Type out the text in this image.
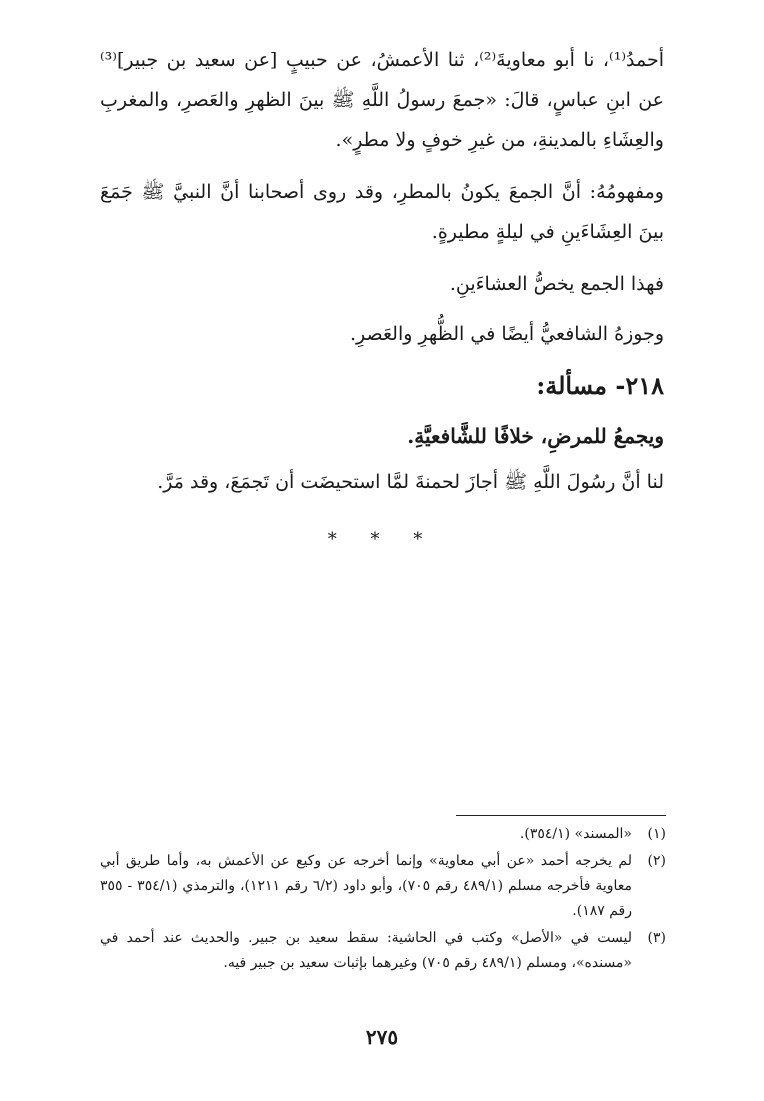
أحمدُ⁽¹⁾، نا أبو معاويةَ⁽²⁾، ثنا الأعمشُ، عن حبيبٍ [عن سعيد بن جبير]⁽³⁾ عن ابنِ عباسٍ، قالَ: «جمعَ رسولُ اللَّهِ ﷺ بينَ الظهرِ والعَصرِ، والمغربِ والعِشَاءِ بالمدينةِ، من غيرِ خوفٍ ولا مطرٍ».

ومفهومُهُ: أنَّ الجمعَ يكونُ بالمطرِ، وقد روى أصحابنا أنَّ النبيَّ ﷺ جَمَعَ بينَ العِشَاءَينِ في ليلةٍ مطيرةٍ.

فهذا الجمع يخصُّ العشاءَينِ.

وجوزهُ الشافعيُّ أيضًا في الظُّهرِ والعَصرِ.

٢١٨- مسألة:
ويجمعُ للمرضِ، خلافًا للشَّافعيَّةِ.

لنا أنَّ رسُولَ اللَّهِ ﷺ أجازَ لحمنةَ لمَّا استحيضَت أن تَجمَعَ، وقد مَرَّ.

* * *
(١)
«المسند» (٣٥٤/١).
(٢)
لم يخرجه أحمد «عن أبي معاوية» وإنما أخرجه عن وكيع عن الأعمش به، وأما طريق أبي معاوية فأخرجه مسلم (٤٨٩/١ رقم ٧٠٥)، وأبو داود (٦/٢ رقم ١٢١١)، والترمذي (٣٥٤/١ - ٣٥٥ رقم ١٨٧).
(٣)
ليست في «الأصل» وكتب في الحاشية: سقط سعيد بن جبير. والحديث عند أحمد في «مسنده»، ومسلم (٤٨٩/١ رقم ٧٠٥) وغيرهما بإثبات سعيد بن جبير فيه.
٢٧٥
